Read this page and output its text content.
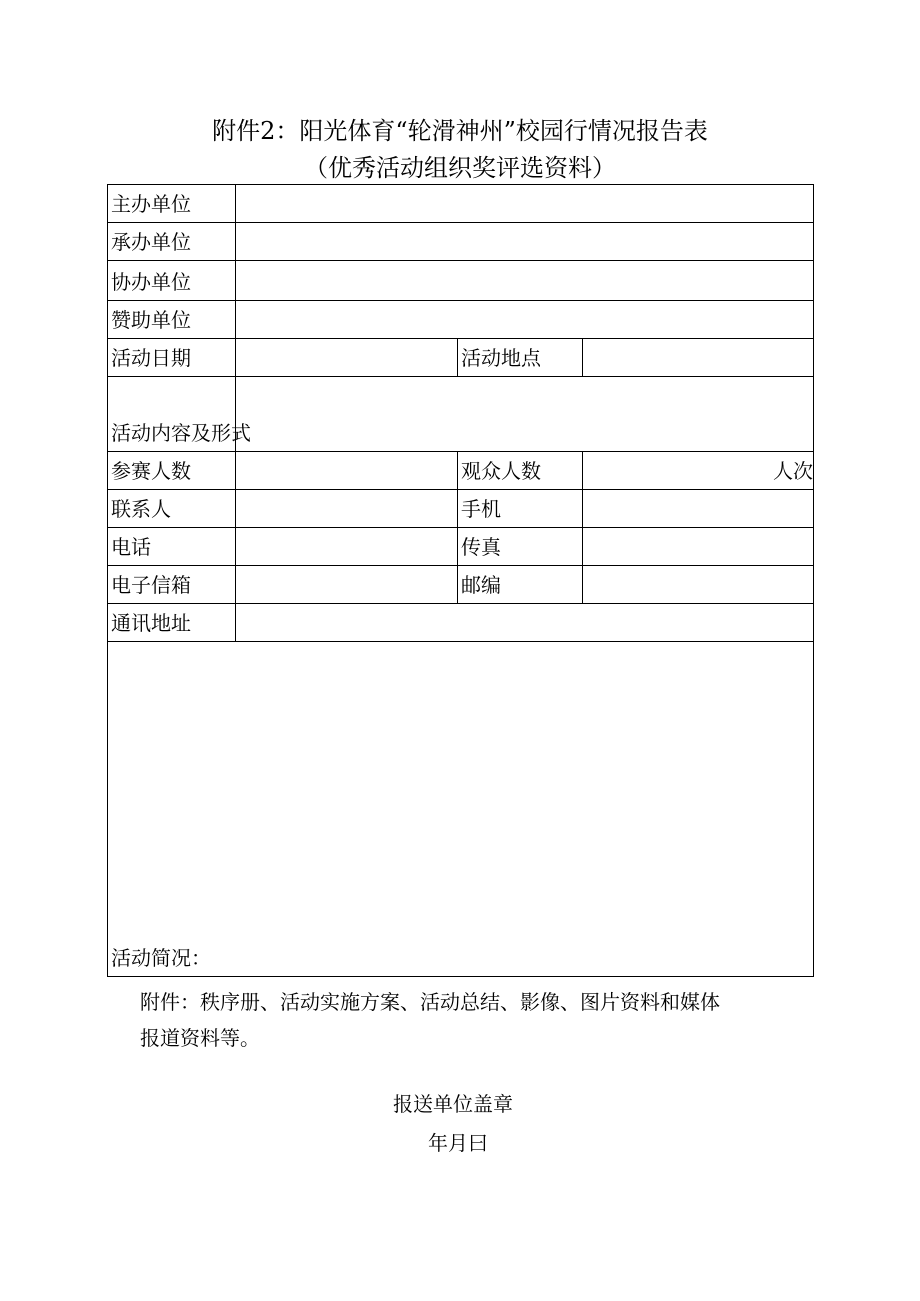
附件2：阳光体育“轮滑神州”校园行情况报告表
（优秀活动组织奖评选资料）
主办单位			
承办单位			
协办单位			
赞助单位			
活动日期		活动地点	
活动内容及形式			
参赛人数		观众人数	人次
联系人		手机	
电话		传真	
电子信箱		邮编	
通讯地址			
活动简况：			
附件：秩序册、活动实施方案、活动总结、影像、图片资料和媒体
报道资料等。
报送单位盖章
年月曰
